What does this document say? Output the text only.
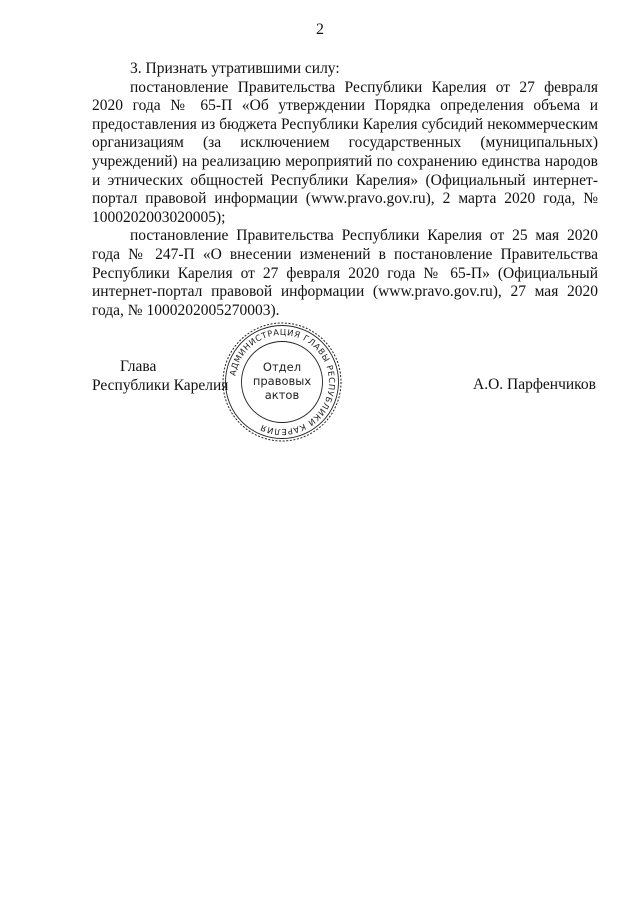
2

3. Признать утратившими силу:

постановление Правительства Республики Карелия от 27 февраля 2020 года № 65-П «Об утверждении Порядка определения объема и предоставления из бюджета Республики Карелия субсидий некоммерческим организациям (за исключением государственных (муниципальных) учреждений) на реализацию мероприятий по сохранению единства народов и этнических общностей Республики Карелия» (Официальный интернет-портал правовой информации (www.pravo.gov.ru), 2 марта 2020 года, № 1000202003020005);

постановление Правительства Республики Карелия от 25 мая 2020 года № 247-П «О внесении изменений в постановление Правительства Республики Карелия от 27 февраля 2020 года № 65-П» (Официальный интернет-портал правовой информации (www.pravo.gov.ru), 27 мая 2020 года, № 1000202005270003).

Глава
Республики Карелия	А.О. Парфенчиков
АДМИНИСТРАЦИЯ ГЛАВЫ РЕСПУБЛИКИ КАРЕЛИЯ
Отдел
правовых
актов
